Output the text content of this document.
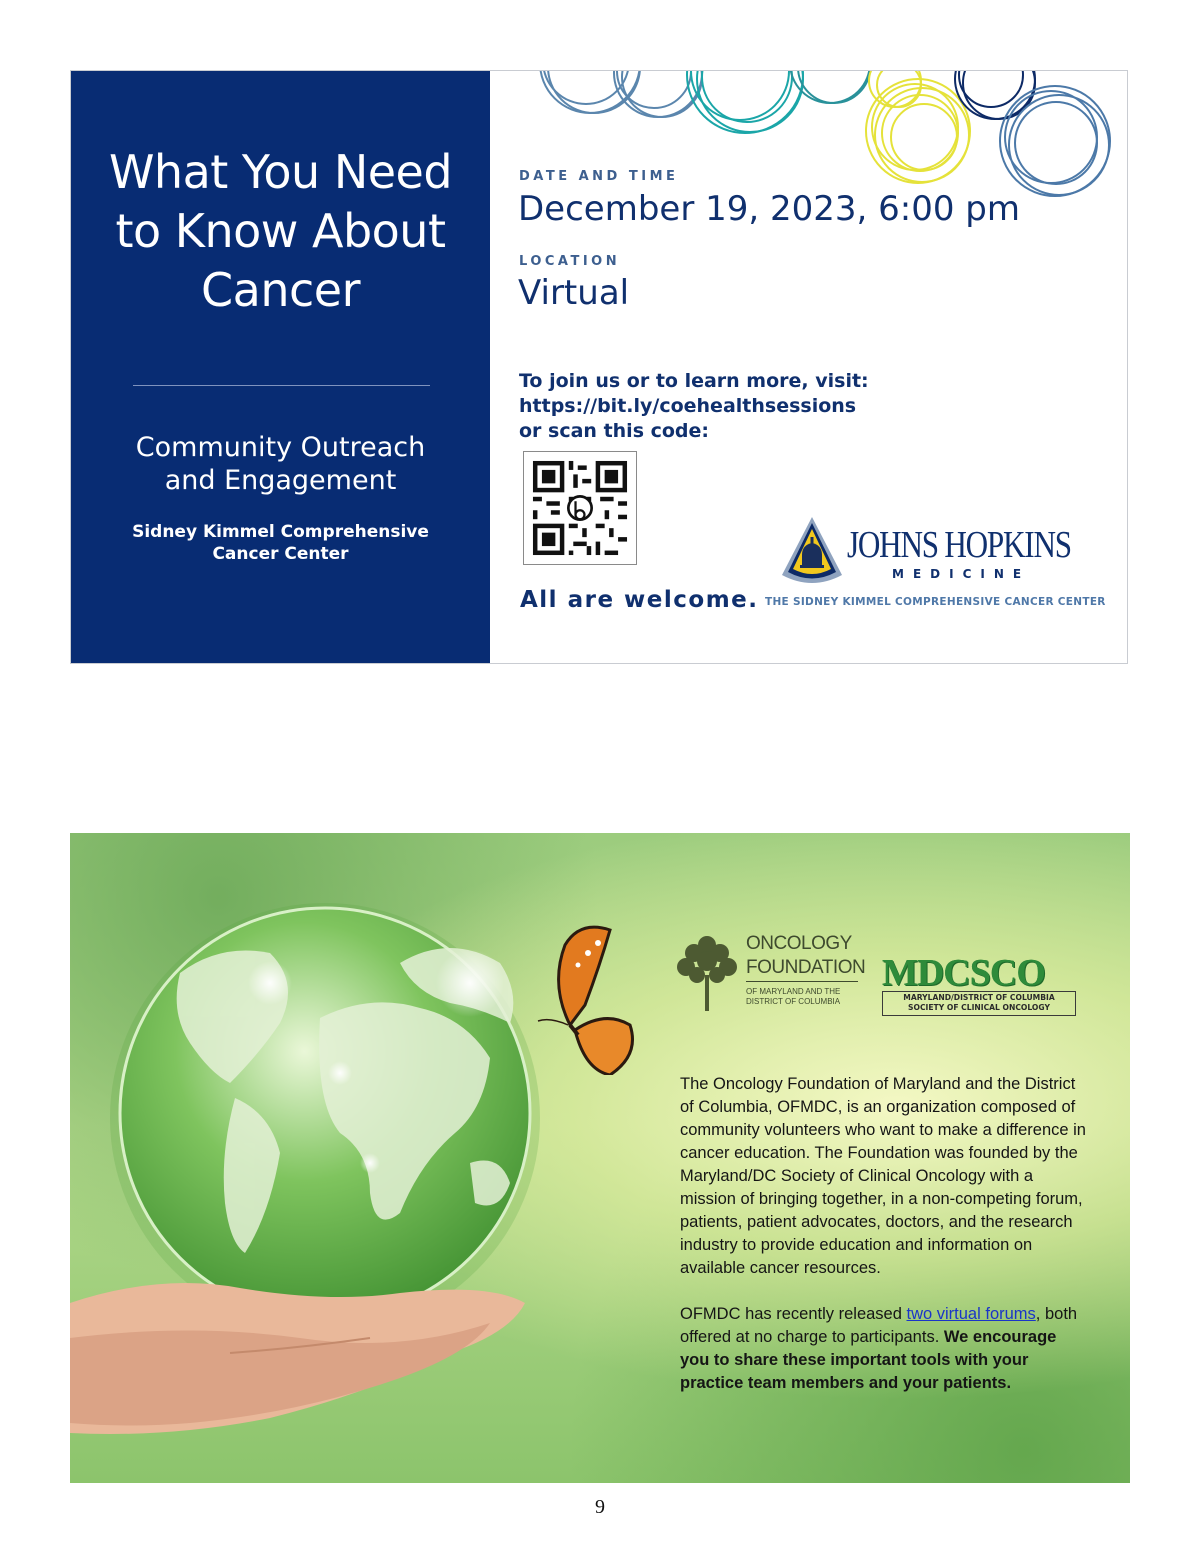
What You Need
to Know About
Cancer
Community Outreach
and Engagement
Sidney Kimmel Comprehensive
Cancer Center
DATE AND TIME
December 19, 2023, 6:00 pm
LOCATION
Virtual
To join us or to learn more, visit:
https://bit.ly/coehealthsessions
or scan this code:
All are welcome.
JOHNS HOPKINS
MEDICINE
THE SIDNEY KIMMEL COMPREHENSIVE CANCER CENTER
ONCOLOGY
FOUNDATION
OF MARYLAND AND THE
DISTRICT OF COLUMBIA
MDCSCO
MARYLAND/DISTRICT OF COLUMBIA
SOCIETY OF CLINICAL ONCOLOGY

The Oncology Foundation of Maryland and the District of Columbia, OFMDC, is an organization composed of community volunteers who want to make a difference in cancer education. The Foundation was founded by the Maryland/DC Society of Clinical Oncology with a mission of bringing together, in a non-competing forum, patients, patient advocates, doctors, and the research industry to provide education and information on available cancer resources.

OFMDC has recently released two virtual forums, both offered at no charge to participants. We encourage you to share these important tools with your practice team members and your patients.

9
